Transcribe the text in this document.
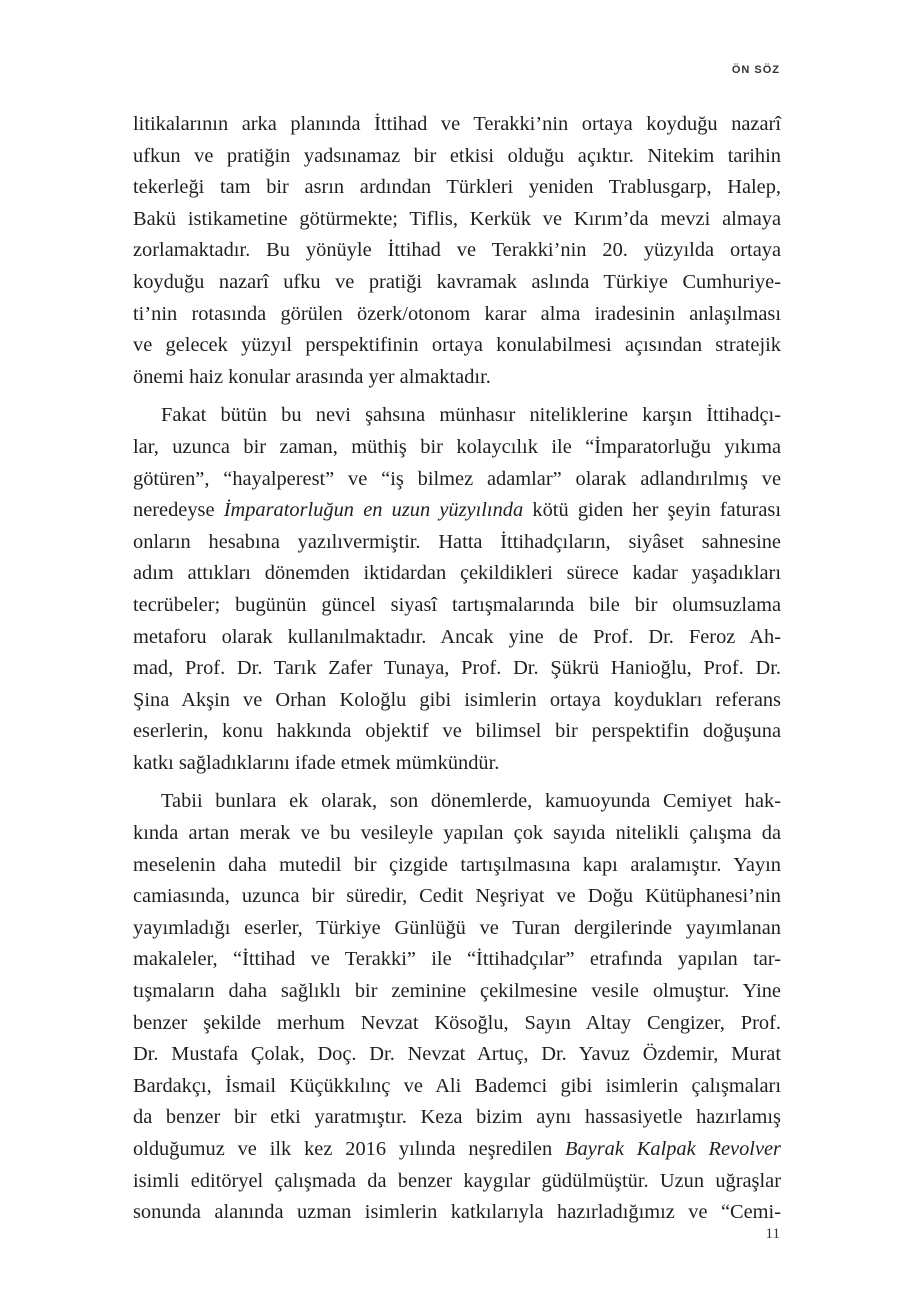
ÖN SÖZ

litikalarının arka planında İttihad ve Terakki’nin ortaya koyduğu nazarî
ufkun ve pratiğin yadsınamaz bir etkisi olduğu açıktır. Nitekim tarihin
tekerleği tam bir asrın ardından Türkleri yeniden Trablusgarp, Halep,
Bakü istikametine götürmekte; Tiflis, Kerkük ve Kırım’da mevzi almaya
zorlamaktadır. Bu yönüyle İttihad ve Terakki’nin 20. yüzyılda ortaya
koyduğu nazarî ufku ve pratiği kavramak aslında Türkiye Cumhuriye-
ti’nin rotasında görülen özerk/otonom karar alma iradesinin anlaşılması
ve gelecek yüzyıl perspektifinin ortaya konulabilmesi açısından stratejik
önemi haiz konular arasında yer almaktadır.

Fakat bütün bu nevi şahsına münhasır niteliklerine karşın İttihadçı-
lar, uzunca bir zaman, müthiş bir kolaycılık ile “İmparatorluğu yıkıma
götüren”, “hayalperest” ve “iş bilmez adamlar” olarak adlandırılmış ve
neredeyse İmparatorluğun en uzun yüzyılında kötü giden her şeyin faturası
onların hesabına yazılıvermiştir. Hatta İttihadçıların, siyâset sahnesine
adım attıkları dönemden iktidardan çekildikleri sürece kadar yaşadıkları
tecrübeler; bugünün güncel siyasî tartışmalarında bile bir olumsuzlama
metaforu olarak kullanılmaktadır. Ancak yine de Prof. Dr. Feroz Ah-
mad, Prof. Dr. Tarık Zafer Tunaya, Prof. Dr. Şükrü Hanioğlu, Prof. Dr.
Şina Akşin ve Orhan Koloğlu gibi isimlerin ortaya koydukları referans
eserlerin, konu hakkında objektif ve bilimsel bir perspektifin doğuşuna
katkı sağladıklarını ifade etmek mümkündür.

Tabii bunlara ek olarak, son dönemlerde, kamuoyunda Cemiyet hak-
kında artan merak ve bu vesileyle yapılan çok sayıda nitelikli çalışma da
meselenin daha mutedil bir çizgide tartışılmasına kapı aralamıştır. Yayın
camiasında, uzunca bir süredir, Cedit Neşriyat ve Doğu Kütüphanesi’nin
yayımladığı eserler, Türkiye Günlüğü ve Turan dergilerinde yayımlanan
makaleler, “İttihad ve Terakki” ile “İttihadçılar” etrafında yapılan tar-
tışmaların daha sağlıklı bir zeminine çekilmesine vesile olmuştur. Yine
benzer şekilde merhum Nevzat Kösoğlu, Sayın Altay Cengizer, Prof.
Dr. Mustafa Çolak, Doç. Dr. Nevzat Artuç, Dr. Yavuz Özdemir, Murat
Bardakçı, İsmail Küçükkılınç ve Ali Bademci gibi isimlerin çalışmaları
da benzer bir etki yaratmıştır. Keza bizim aynı hassasiyetle hazırlamış
olduğumuz ve ilk kez 2016 yılında neşredilen Bayrak Kalpak Revolver
isimli editöryel çalışmada da benzer kaygılar güdülmüştür. Uzun uğraşlar
sonunda alanında uzman isimlerin katkılarıyla hazırladığımız ve “Cemi-

11
